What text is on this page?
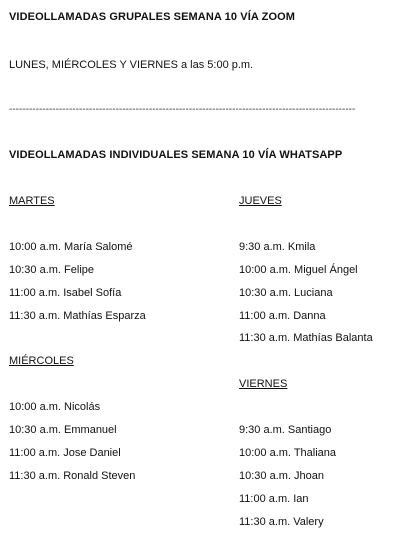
VIDEOLLAMADAS GRUPALES SEMANA 10 VÍA ZOOM
LUNES, MIÉRCOLES Y VIERNES a las 5:00 p.m.
--------------------------------------------------------------------------------------------------------
VIDEOLLAMADAS INDIVIDUALES SEMANA 10 VÍA WHATSAPP
MARTES
10:00 a.m. María Salomé
10:30 a.m. Felipe
11:00 a.m. Isabel Sofía
11:30 a.m. Mathías Esparza
MIÉRCOLES
10:00 a.m. Nicolás
10:30 a.m. Emmanuel
11:00 a.m. Jose Daniel
11:30 a.m. Ronald Steven
JUEVES
9:30 a.m. Kmila
10:00 a.m. Miguel Ángel
10:30 a.m. Luciana
11:00 a.m. Danna
11:30 a.m. Mathías Balanta
VIERNES
9:30 a.m. Santiago
10:00 a.m. Thaliana
10:30 a.m. Jhoan
11:00 a.m. Ian
11:30 a.m. Valery
